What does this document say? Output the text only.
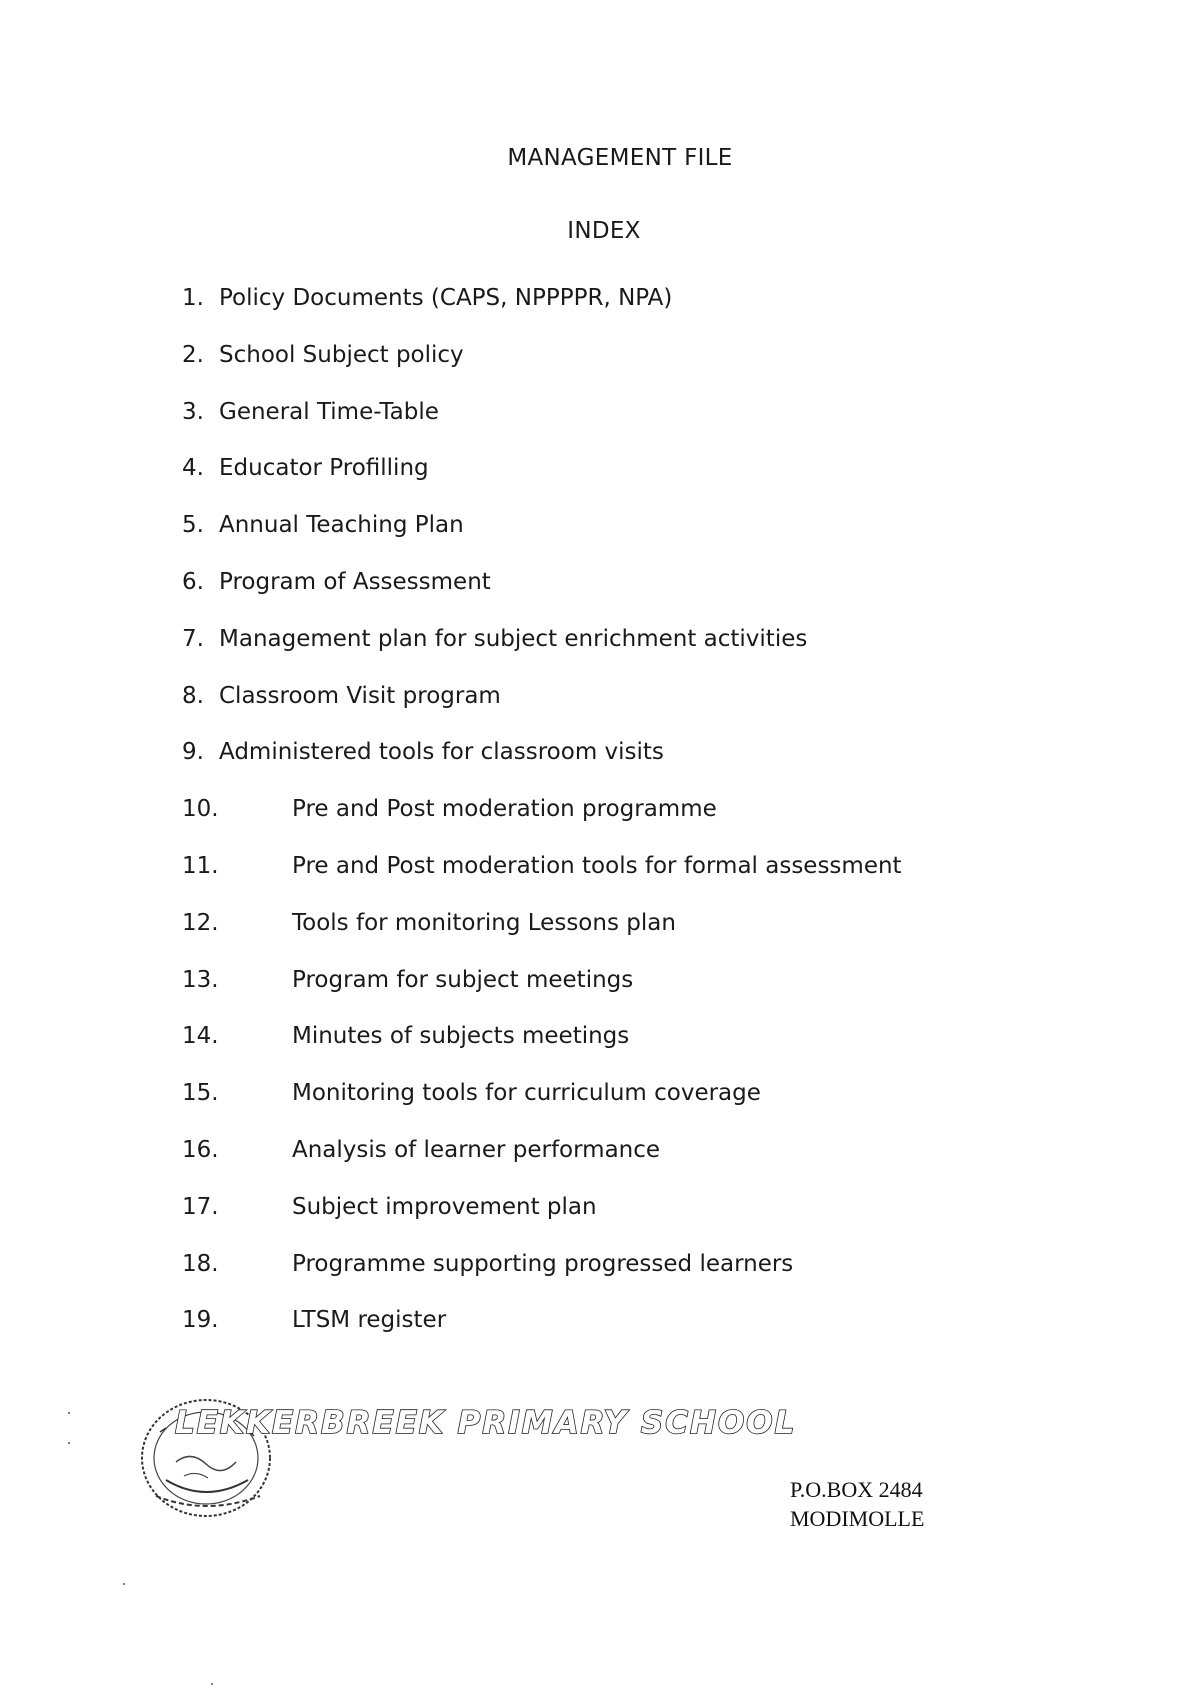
MANAGEMENT FILE
INDEX
1. Policy Documents (CAPS, NPPPPR, NPA)
2. School Subject policy
3. General Time-Table
4. Educator Profilling
5. Annual Teaching Plan
6. Program of Assessment
7. Management plan for subject enrichment activities
8. Classroom Visit program
9. Administered tools for classroom visits
10.	Pre and Post moderation programme
11.	Pre and Post moderation tools for formal assessment
12.	Tools for monitoring Lessons plan
13.	Program for subject meetings
14.	Minutes of subjects meetings
15.	Monitoring tools for curriculum coverage
16.	Analysis of learner performance
17.	Subject improvement plan
18.	Programme supporting progressed learners
19.	LTSM register
LEKKERBREEK PRIMARY SCHOOL
P.O.BOX 2484
MODIMOLLE
